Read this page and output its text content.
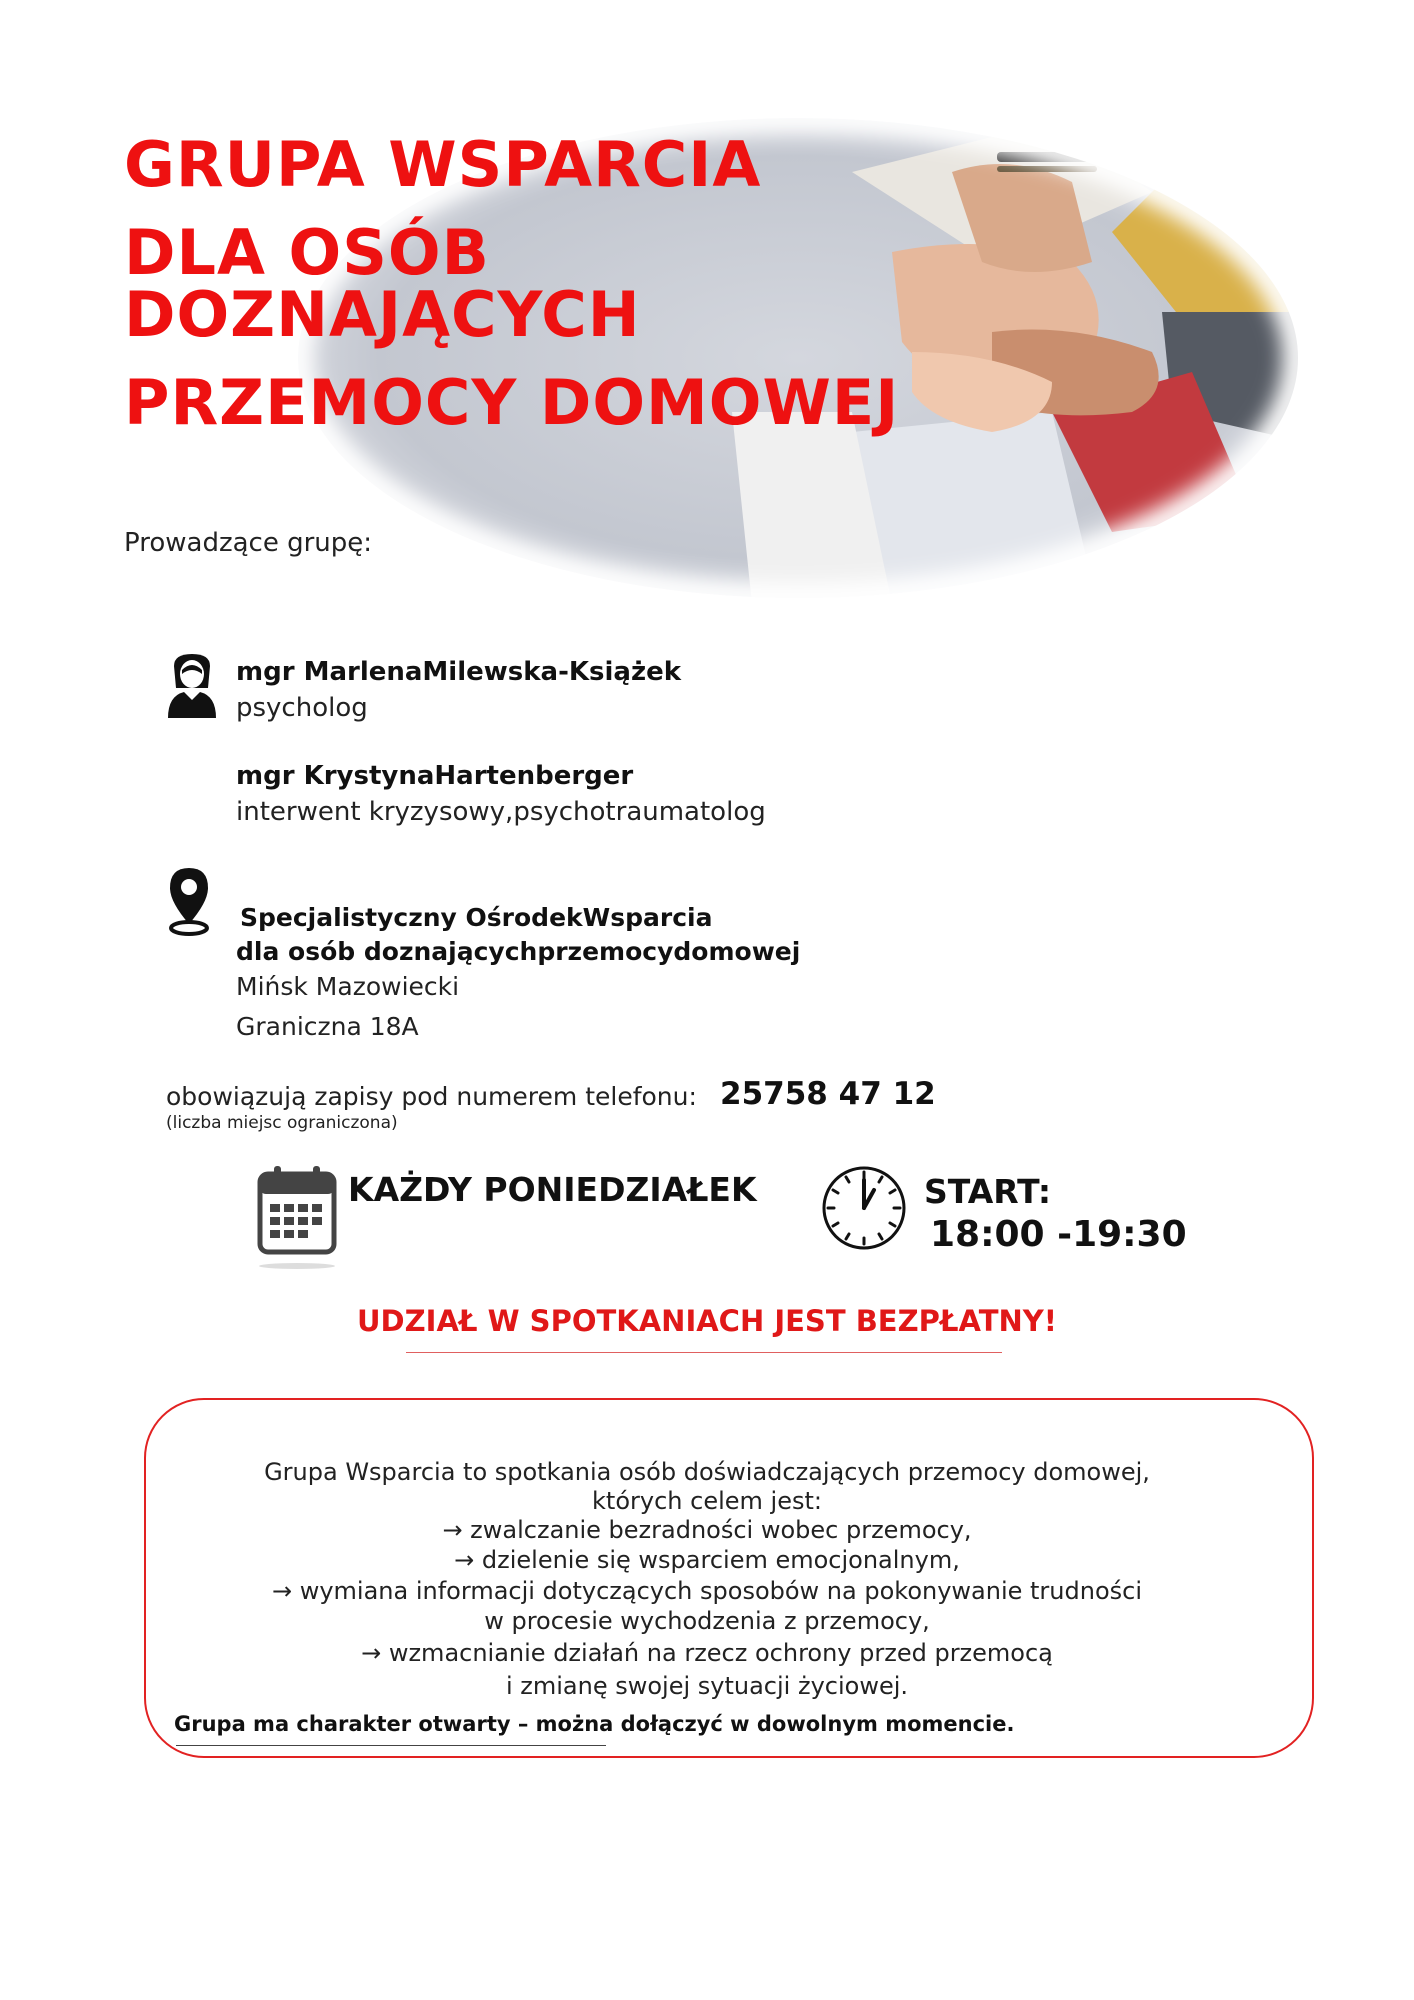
GRUPA WSPARCIA
DLA OSÓB
DOZNAJĄCYCH
PRZEMOCY DOMOWEJ
Prowadzące grupę:
mgr MarlenaMilewska-Książek
psycholog
mgr KrystynaHartenberger
interwent kryzysowy,psychotraumatolog
Specjalistyczny OśrodekWsparcia
dla osób doznającychprzemocydomowej
Mińsk Mazowiecki
Graniczna 18A
obowiązują zapisy pod numerem telefonu: 25758 47 12
(liczba miejsc ograniczona)
KAŻDY PONIEDZIAŁEK	START:
18:00 -19:30
UDZIAŁ W SPOTKANIACH JEST BEZPŁATNY!
Grupa Wsparcia to spotkania osób doświadczających przemocy domowej,
których celem jest:
→ zwalczanie bezradności wobec przemocy,
→ dzielenie się wsparciem emocjonalnym,
→ wymiana informacji dotyczących sposobów na pokonywanie trudności
w procesie wychodzenia z przemocy,
→ wzmacnianie działań na rzecz ochrony przed przemocą
i zmianę swojej sytuacji życiowej.
Grupa ma charakter otwarty – można dołączyć w dowolnym momencie.
